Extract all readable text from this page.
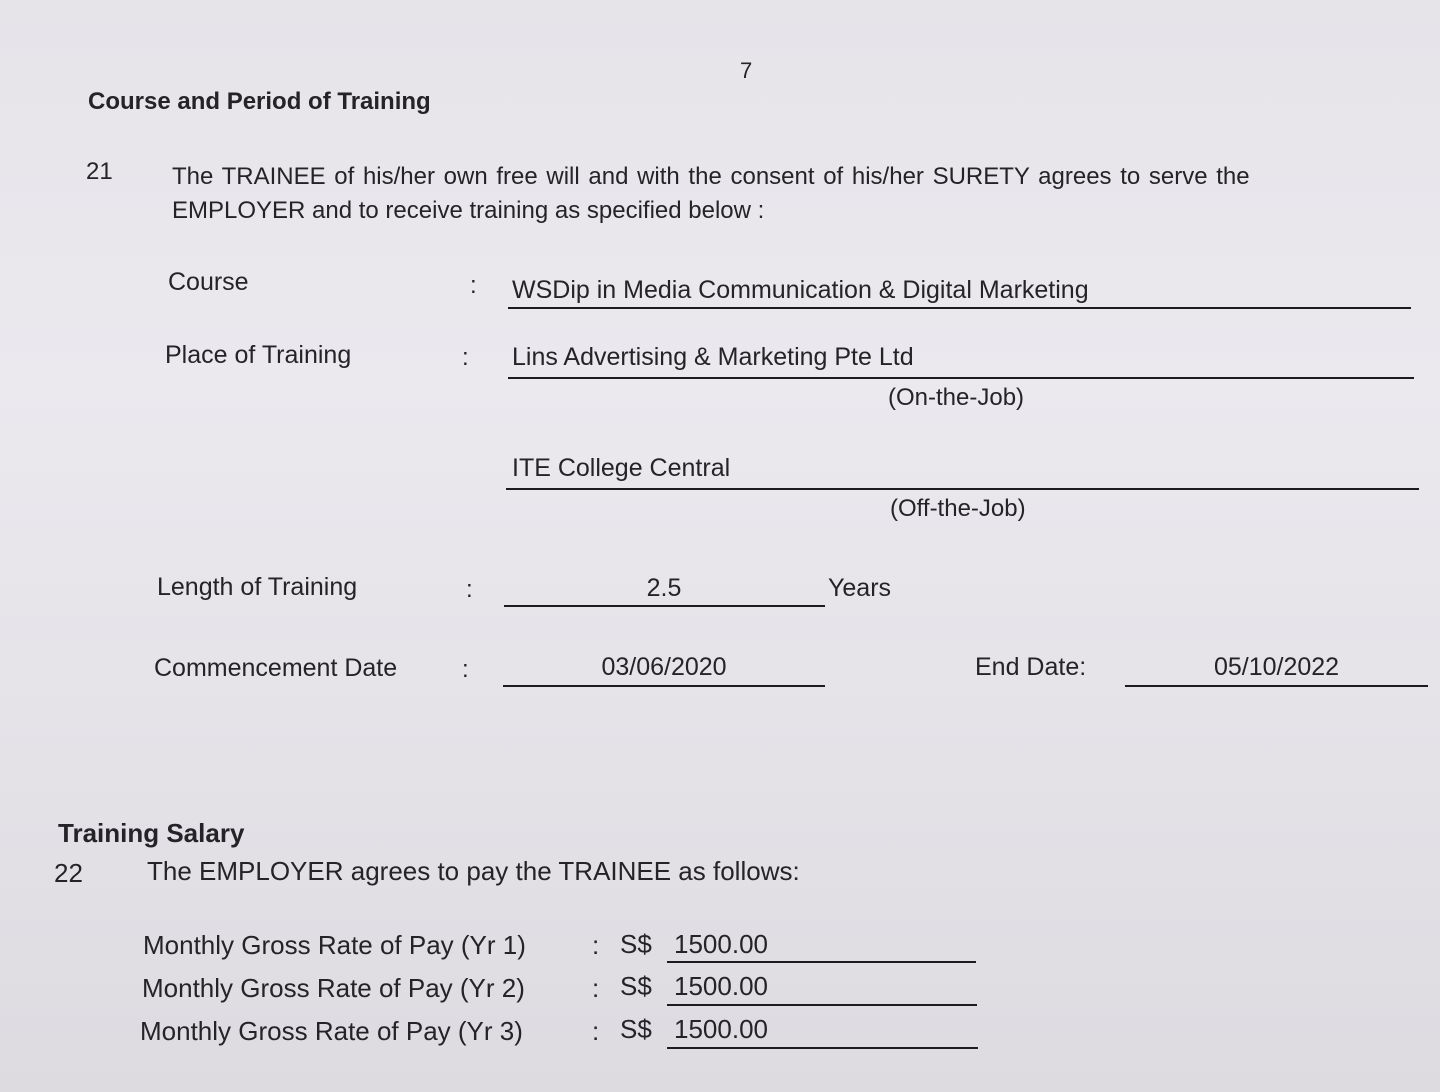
7
Course and Period of Training
21 The TRAINEE of his/her own free will and with the consent of his/her SURETY agrees to serve the
EMPLOYER and to receive training as specified below :
Course	: WSDip in Media Communication & Digital Marketing
Place of Training	: Lins Advertising & Marketing Pte Ltd
(On-the-Job)
ITE College Central
(Off-the-Job)
Length of Training	:	2.5	Years
Commencement Date	:	03/06/2020	End Date:	05/10/2022
Training Salary
22 The EMPLOYER agrees to pay the TRAINEE as follows:
Monthly Gross Rate of Pay (Yr 1)	: S$ 1500.00
Monthly Gross Rate of Pay (Yr 2)	: S$ 1500.00
Monthly Gross Rate of Pay (Yr 3)	: S$ 1500.00
